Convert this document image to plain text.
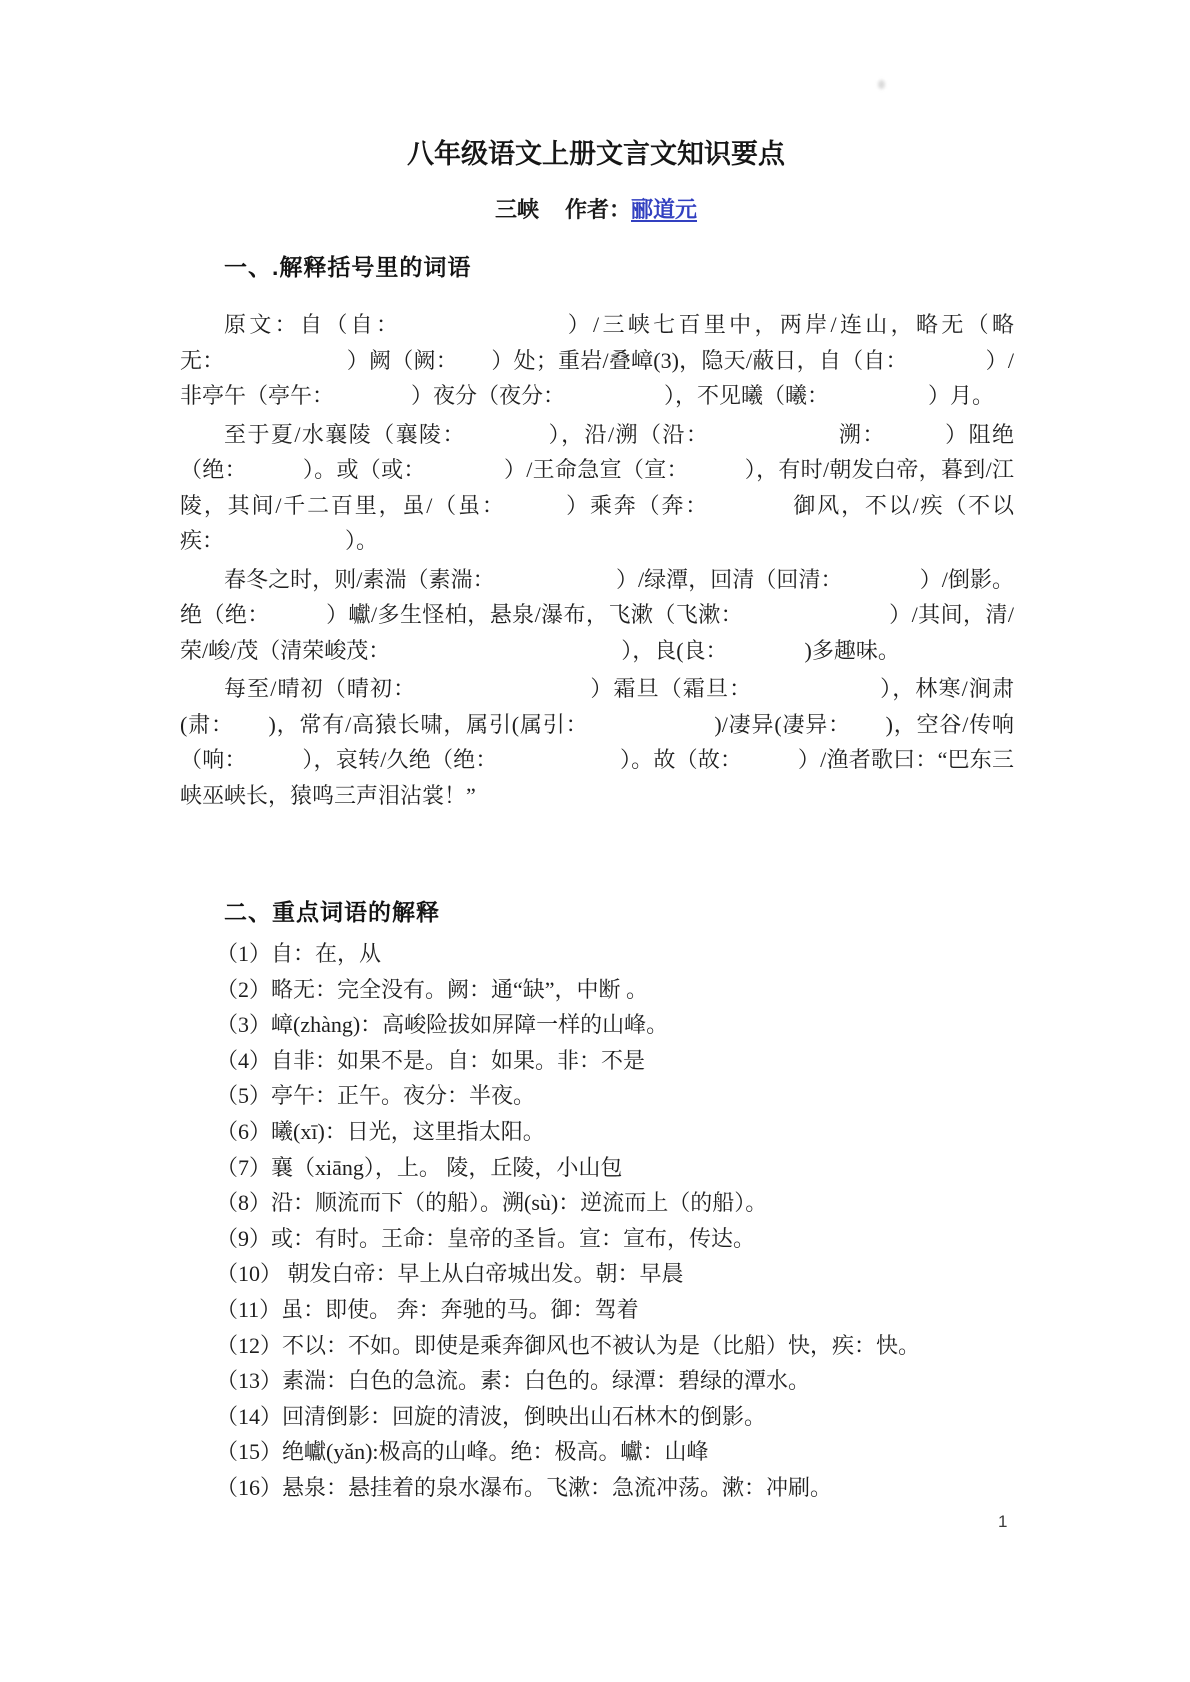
八年级语文上册文言文知识要点
三峡 作者：郦道元
一、.解释括号里的词语

原文：自（自：　　　　　　　）/三峡七百里中，两岸/连山，略无（略无：　　　　　　）阙（阙：　　）处；重岩/叠嶂(3)，隐天/蔽日，自（自：　　　　）/非亭午（亭午：　　　　）夜分（夜分：　　　　　），不见曦（曦：　　　　　）月。

至于夏/水襄陵（襄陵：　　　　），沿/溯（沿：　　　　　　溯：　　　）阻绝（绝：　　　）。或（或：　　　　）/王命急宣（宣：　　　），有时/朝发白帝，暮到/江陵，其间/千二百里，虽/（虽：　　　）乘奔（奔：　　　　御风，不以/疾（不以疾：　　　　　　）。

春冬之时，则/素湍（素湍：　　　　　　）/绿潭，回清（回清：　　　　）/倒影。绝（绝：　　　）巘/多生怪柏，悬泉/瀑布，飞漱（飞漱：　　　　　　　）/其间，清/荣/峻/茂（清荣峻茂：　　　　　　　　　　　），良(良：　　　　)多趣味。

每至/晴初（晴初：　　　　　　　　）霜旦（霜旦：　　　　　　），林寒/涧肃(肃：　　)，常有/高猿长啸，属引(属引：　　　　　　)/凄异(凄异：　　)，空谷/传响（响：　　　），哀转/久绝（绝：　　　　　　）。故（故：　　　）/渔者歌曰：“巴东三峡巫峡长，猿鸣三声泪沾裳！”

二、重点词语的解释
（1）自：在，从
（2）略无：完全没有。阙：通“缺”，中断 。
（3）嶂(zhàng)：高峻险拔如屏障一样的山峰。
（4）自非：如果不是。自：如果。非：不是
（5）亭午：正午。夜分：半夜。
（6）曦(xī)：日光，这里指太阳。
（7）襄（xiāng），上。 陵，丘陵，小山包
（8）沿：顺流而下（的船）。溯(sù)：逆流而上（的船）。
（9）或：有时。王命：皇帝的圣旨。宣：宣布，传达。
（10） 朝发白帝：早上从白帝城出发。朝：早晨
（11）虽：即使。 奔：奔驰的马。御：驾着
（12）不以：不如。即使是乘奔御风也不被认为是（比船）快，疾：快。
（13）素湍：白色的急流。素：白色的。绿潭：碧绿的潭水。
（14）回清倒影：回旋的清波，倒映出山石林木的倒影。
（15）绝巘(yǎn):极高的山峰。绝：极高。巘：山峰
（16）悬泉：悬挂着的泉水瀑布。飞漱：急流冲荡。漱：冲刷。
1
